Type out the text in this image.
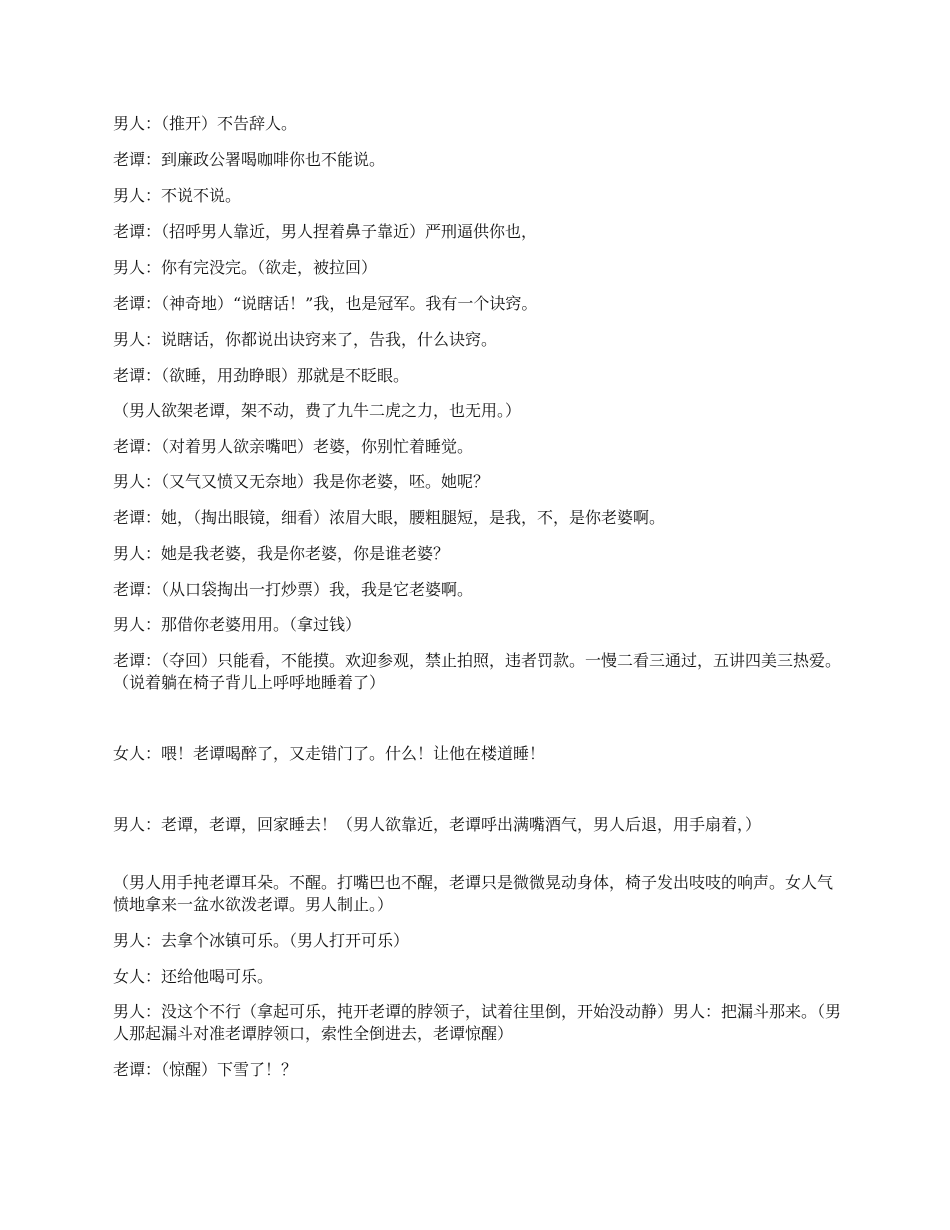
男人：（推开）不告辞人。

老谭：到廉政公署喝咖啡你也不能说。

男人：不说不说。

老谭：（招呼男人靠近，男人捏着鼻子靠近）严刑逼供你也，

男人：你有完没完。（欲走，被拉回）

老谭：（神奇地）“说瞎话！”我，也是冠军。我有一个诀窍。

男人：说瞎话，你都说出诀窍来了，告我，什么诀窍。

老谭：（欲睡，用劲睁眼）那就是不眨眼。

（男人欲架老谭，架不动，费了九牛二虎之力，也无用。）

老谭：（对着男人欲亲嘴吧）老婆，你别忙着睡觉。

男人：（又气又愤又无奈地）我是你老婆，呸。她呢？

老谭：她，（掏出眼镜，细看）浓眉大眼，腰粗腿短，是我，不，是你老婆啊。

男人：她是我老婆，我是你老婆，你是谁老婆？

老谭：（从口袋掏出一打炒票）我，我是它老婆啊。

男人：那借你老婆用用。（拿过钱）

老谭：（夺回）只能看，不能摸。欢迎参观，禁止拍照，违者罚款。一慢二看三通过，五讲四美三热爱。（说着躺在椅子背儿上呼呼地睡着了）

女人：喂！老谭喝醉了，又走错门了。什么！让他在楼道睡！

男人：老谭，老谭，回家睡去！（男人欲靠近，老谭呼出满嘴酒气，男人后退，用手扇着，）

（男人用手扽老谭耳朵。不醒。打嘴巴也不醒，老谭只是微微晃动身体，椅子发出吱吱的响声。女人气愤地拿来一盆水欲泼老谭。男人制止。）

男人：去拿个冰镇可乐。（男人打开可乐）

女人：还给他喝可乐。

男人：没这个不行（拿起可乐，扽开老谭的脖领子，试着往里倒，开始没动静）男人：把漏斗那来。（男人那起漏斗对准老谭脖领口，索性全倒进去，老谭惊醒）

老谭：（惊醒）下雪了！？
